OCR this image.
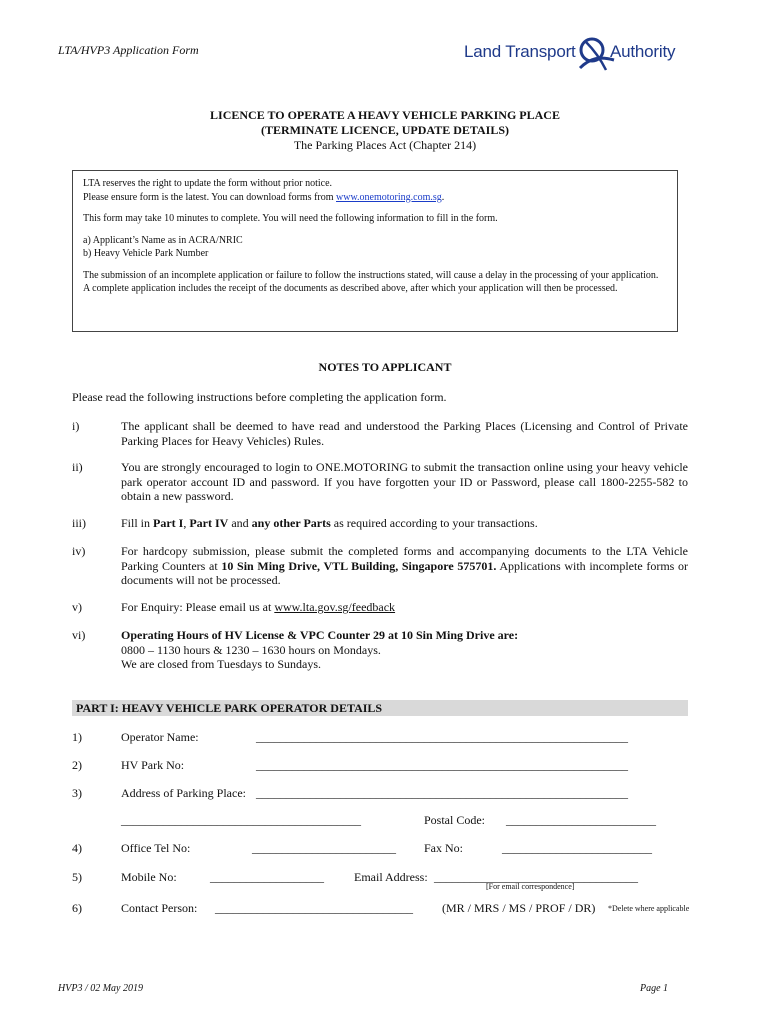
LTA/HVP3 Application Form	Land Transport Authority
LICENCE TO OPERATE A HEAVY VEHICLE PARKING PLACE
(TERMINATE LICENCE, UPDATE DETAILS)
The Parking Places Act (Chapter 214)

LTA reserves the right to update the form without prior notice.

Please ensure form is the latest. You can download forms from www.onemotoring.com.sg.

This form may take 10 minutes to complete. You will need the following information to fill in the form.

a) Applicant’s Name as in ACRA/NRIC

b) Heavy Vehicle Park Number

The submission of an incomplete application or failure to follow the instructions stated, will cause a delay in the processing of your application. A complete application includes the receipt of the documents as described above, after which your application will then be processed.

NOTES TO APPLICANT
Please read the following instructions before completing the application form.
i)	The applicant shall be deemed to have read and understood the Parking Places (Licensing and Control of Private Parking Places for Heavy Vehicles) Rules.
ii)	You are strongly encouraged to login to ONE.MOTORING to submit the transaction online using your heavy vehicle park operator account ID and password. If you have forgotten your ID or Password, please call 1800-2255-582 to obtain a new password.
iii)	Fill in Part I, Part IV and any other Parts as required according to your transactions.
iv)	For hardcopy submission, please submit the completed forms and accompanying documents to the LTA Vehicle Parking Counters at 10 Sin Ming Drive, VTL Building, Singapore 575701. Applications with incomplete forms or documents will not be processed.
v)	For Enquiry: Please email us at www.lta.gov.sg/feedback
vi)	Operating Hours of HV License & VPC Counter 29 at 10 Sin Ming Drive are:
0800 – 1130 hours & 1230 – 1630 hours on Mondays.
We are closed from Tuesdays to Sundays.
PART I: HEAVY VEHICLE PARK OPERATOR DETAILS
1)	Operator Name:	______________________________________________________________
2)	HV Park No:	______________________________________________________________
3)	Address of Parking Place: ______________________________________________________________
________________________________________	Postal Code: _________________________
4)	Office Tel No:	________________________ Fax No:	_________________________
5)	Mobile No:	___________________	Email Address: __________________________________
[For email correspondence]
6)	Contact Person: _________________________________ (MR / MRS / MS / PROF / DR) *Delete where applicable
HVP3 / 02 May 2019	Page 1
